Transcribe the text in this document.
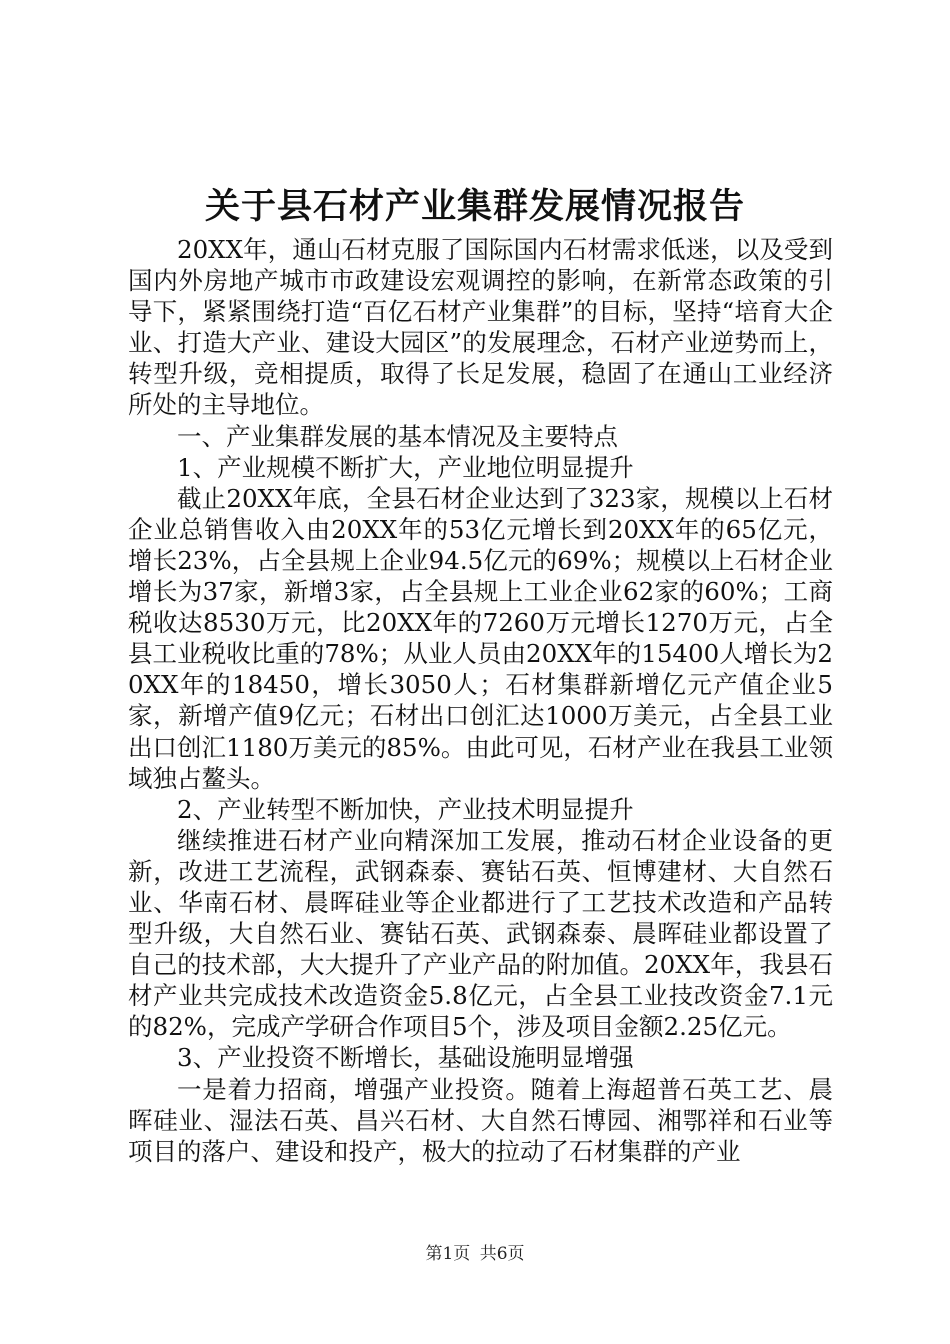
关于县石材产业集群发展情况报告

20XX年，通山石材克服了国际国内石材需求低迷，以及受到国内外房地产城市市政建设宏观调控的影响，在新常态政策的引导下，紧紧围绕打造“百亿石材产业集群”的目标，坚持“培育大企业、打造大产业、建设大园区”的发展理念，石材产业逆势而上，转型升级，竞相提质，取得了长足发展，稳固了在通山工业经济所处的主导地位。

一、产业集群发展的基本情况及主要特点

1、产业规模不断扩大，产业地位明显提升

截止20XX年底，全县石材企业达到了323家，规模以上石材企业总销售收入由20XX年的53亿元增长到20XX年的65亿元，增长23%，占全县规上企业94.5亿元的69%；规模以上石材企业增长为37家，新增3家，占全县规上工业企业62家的60%；工商税收达8530万元，比20XX年的7260万元增长1270万元，占全县工业税收比重的78%；从业人员由20XX年的15400人增长为20XX年的18450，增长3050人；石材集群新增亿元产值企业5家，新增产值9亿元；石材出口创汇达1000万美元，占全县工业出口创汇1180万美元的85%。由此可见，石材产业在我县工业领域独占鳌头。

2、产业转型不断加快，产业技术明显提升

继续推进石材产业向精深加工发展，推动石材企业设备的更新，改进工艺流程，武钢森泰、赛钻石英、恒博建材、大自然石业、华南石材、晨晖硅业等企业都进行了工艺技术改造和产品转型升级，大自然石业、赛钻石英、武钢森泰、晨晖硅业都设置了自己的技术部，大大提升了产业产品的附加值。20XX年，我县石材产业共完成技术改造资金5.8亿元，占全县工业技改资金7.1元的82%，完成产学研合作项目5个，涉及项目金额2.25亿元。

3、产业投资不断增长，基础设施明显增强

一是着力招商，增强产业投资。随着上海超普石英工艺、晨晖硅业、湿法石英、昌兴石材、大自然石博园、湘鄂祥和石业等项目的落户、建设和投产，极大的拉动了石材集群的产业

第1页 共6页
